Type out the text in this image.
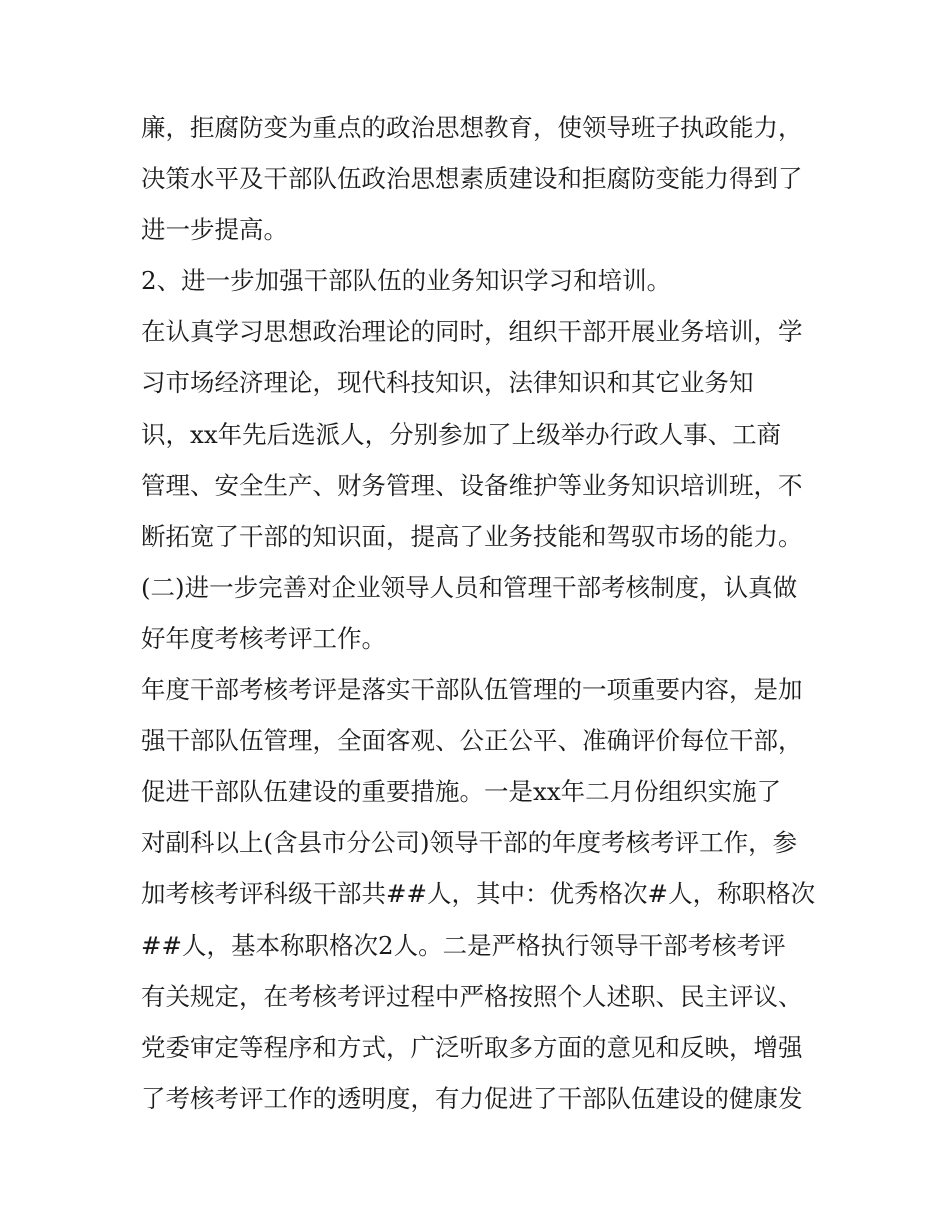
廉，拒腐防变为重点的政治思想教育，使领导班子执政能力，
决策水平及干部队伍政治思想素质建设和拒腐防变能力得到了
进一步提高。
2、进一步加强干部队伍的业务知识学习和培训。
在认真学习思想政治理论的同时，组织干部开展业务培训，学
习市场经济理论，现代科技知识，法律知识和其它业务知
识，xx年先后选派人，分别参加了上级举办行政人事、工商
管理、安全生产、财务管理、设备维护等业务知识培训班，不
断拓宽了干部的知识面，提高了业务技能和驾驭市场的能力。
(二)进一步完善对企业领导人员和管理干部考核制度，认真做
好年度考核考评工作。
年度干部考核考评是落实干部队伍管理的一项重要内容，是加
强干部队伍管理，全面客观、公正公平、准确评价每位干部，
促进干部队伍建设的重要措施。一是xx年二月份组织实施了
对副科以上(含县市分公司)领导干部的年度考核考评工作，参
加考核考评科级干部共##人，其中：优秀格次#人，称职格次
##人，基本称职格次2人。二是严格执行领导干部考核考评
有关规定，在考核考评过程中严格按照个人述职、民主评议、
党委审定等程序和方式，广泛听取多方面的意见和反映，增强
了考核考评工作的透明度，有力促进了干部队伍建设的健康发
